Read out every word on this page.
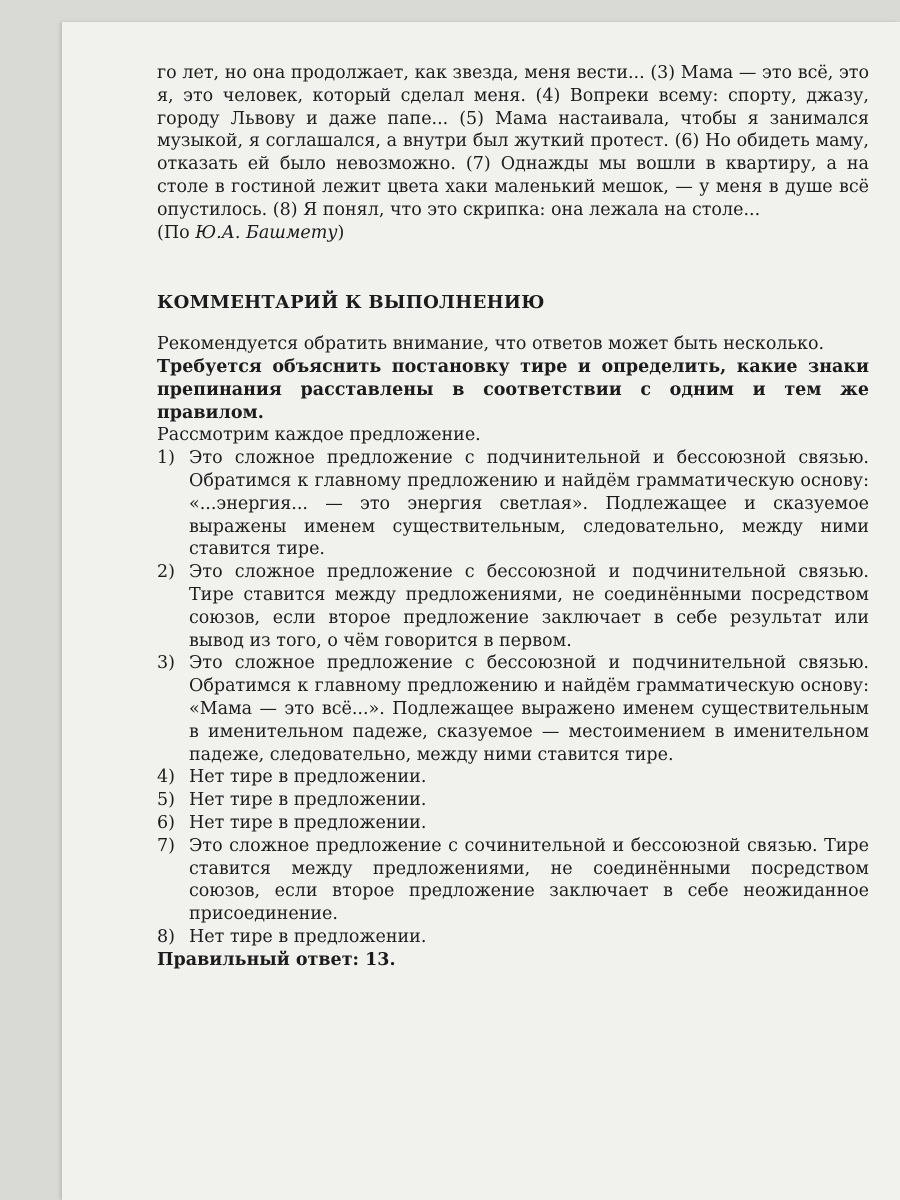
го лет, но она продолжает, как звезда, меня вести... (3) Мама — это всё, это я, это человек, который сделал меня. (4) Вопреки всему: спорту, джазу, городу Львову и даже папе... (5) Мама настаивала, чтобы я занимался музыкой, я соглашался, а внутри был жуткий протест. (6) Но обидеть маму, отказать ей было невозможно. (7) Однажды мы вошли в квартиру, а на столе в гостиной лежит цвета хаки маленький мешок, — у меня в душе всё опустилось. (8) Я понял, что это скрипка: она лежала на столе...

(По Ю.А. Башмету)

КОММЕНТАРИЙ К ВЫПОЛНЕНИЮ

Рекомендуется обратить внимание, что ответов может быть несколько.

Требуется объяснить постановку тире и определить, какие знаки препинания расставлены в соответствии с одним и тем же правилом.

Рассмотрим каждое предложение.

1) Это сложное предложение с подчинительной и бессоюзной связью. Обратимся к главному предложению и найдём грамматическую основу: «...энергия... — это энергия светлая». Подлежащее и сказуемое выражены именем существительным, следовательно, между ними ставится тире.
2) Это сложное предложение с бессоюзной и подчинительной связью. Тире ставится между предложениями, не соединёнными посредством союзов, если второе предложение заключает в себе результат или вывод из того, о чём говорится в первом.
3) Это сложное предложение с бессоюзной и подчинительной связью. Обратимся к главному предложению и найдём грамматическую основу: «Мама — это всё...». Подлежащее выражено именем существительным в именительном падеже, сказуемое — местоимением в именительном падеже, следовательно, между ними ставится тире.
4) Нет тире в предложении.
5) Нет тире в предложении.
6) Нет тире в предложении.
7) Это сложное предложение с сочинительной и бессоюзной связью. Тире ставится между предложениями, не соединёнными посредством союзов, если второе предложение заключает в себе неожиданное присоединение.
8) Нет тире в предложении.

Правильный ответ: 13.
